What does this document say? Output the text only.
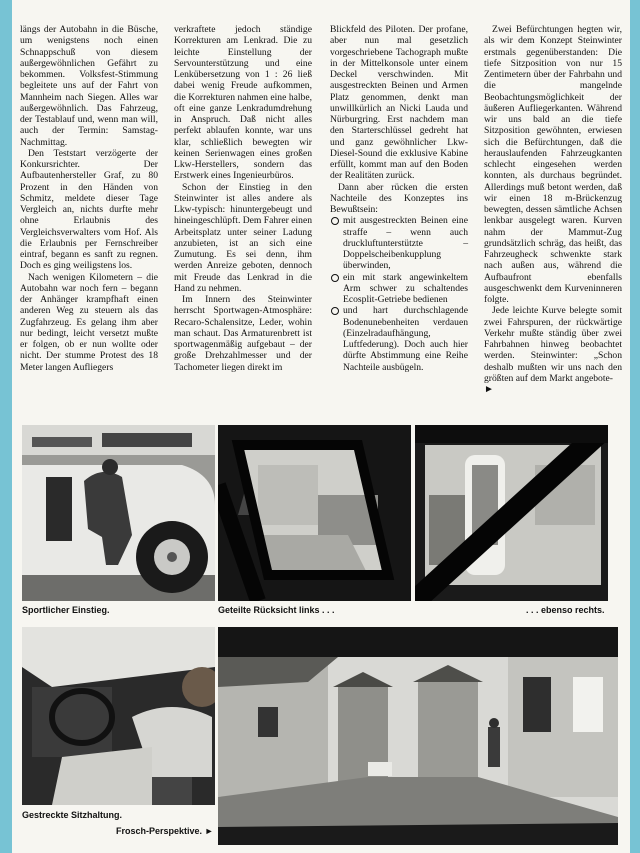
längs der Autobahn in die Büsche, um wenigstens noch einen Schnappschuß von diesem außergewöhnlichen Gefährt zu bekommen. Volksfest-Stimmung begleitete uns auf der Fahrt von Mannheim nach Siegen. Alles war außergewöhnlich. Das Fahrzeug, der Testablauf und, wenn man will, auch der Termin: Samstag-Nachmittag.

Den Teststart verzögerte der Konkursrichter. Der Aufbautenhersteller Graf, zu 80 Prozent in den Händen von Schmitz, meldete dieser Tage Vergleich an, nichts durfte mehr ohne Erlaubnis des Vergleichsverwalters vom Hof. Als die Erlaubnis per Fernschreiber eintraf, begann es sanft zu regnen. Doch es ging weiligstens los.

Nach wenigen Kilometern – die Autobahn war noch fern – begann der Anhänger krampfhaft einen anderen Weg zu steuern als das Zugfahrzeug. Es gelang ihm aber nur bedingt, leicht versetzt mußte er folgen, ob er nun wollte oder nicht. Der stumme Protest des 18 Meter langen Aufliegers

verkraftete jedoch ständige Korrekturen am Lenkrad. Die zu leichte Einstellung der Servounterstützung und eine Lenkübersetzung von 1 : 26 ließ dabei wenig Freude aufkommen, die Korrekturen nahmen eine halbe, oft eine ganze Lenkradumdrehung in Anspruch. Daß nicht alles perfekt ablaufen konnte, war uns klar, schließlich bewegten wir keinen Serienwagen eines großen Lkw-Herstellers, sondern das Erstwerk eines Ingenieurbüros.

Schon der Einstieg in den Steinwinter ist alles andere als Lkw-typisch: hinuntergebeugt und hineingeschlüpft. Dem Fahrer einen Arbeitsplatz unter seiner Ladung anzubieten, ist an sich eine Zumutung. Es sei denn, ihm werden Anreize geboten, dennoch mit Freude das Lenkrad in die Hand zu nehmen.

Im Innern des Steinwinter herrscht Sportwagen-Atmosphäre: Recaro-Schalensitze, Leder, wohin man schaut. Das Armaturenbrett ist sportwagenmäßig aufgebaut – der große Drehzahlmesser und der Tachometer liegen direkt im

Blickfeld des Piloten. Der profane, aber nun mal gesetzlich vorgeschriebene Tachograph mußte in der Mittelkonsole unter einem Deckel verschwinden. Mit ausgestreckten Beinen und Armen Platz genommen, denkt man unwillkürlich an Nicki Lauda und Nürburgring. Erst nachdem man den Starterschlüssel gedreht hat und ganz gewöhnlicher Lkw-Diesel-Sound die exklusive Kabine erfüllt, kommt man auf den Boden der Realitäten zurück.

Dann aber rücken die ersten Nachteile des Konzeptes ins Bewußtsein:

mit ausgestreckten Beinen eine straffe – wenn auch druckluftunterstützte – Doppelscheibenkupplung überwinden,
ein mit stark angewinkeltem Arm schwer zu schaltendes Ecosplit-Getriebe bedienen
und hart durchschlagende Bodenunebenheiten verdauen (Einzelradaufhängung, Luftfederung). Doch auch hier dürfte Abstimmung eine Reihe Nachteile ausbügeln.

Zwei Befürchtungen hegten wir, als wir dem Konzept Steinwinter erstmals gegenüberstanden: Die tiefe Sitzposition von nur 15 Zentimetern über der Fahrbahn und die mangelnde Beobachtungsmöglichkeit der äußeren Aufliegerkanten. Während wir uns bald an die tiefe Sitzposition gewöhnten, erwiesen sich die Befürchtungen, daß die herauslaufenden Fahrzeugkanten schlecht eingesehen werden konnten, als durchaus begründet. Allerdings muß betont werden, daß wir einen 18 m-Brückenzug bewegten, dessen sämtliche Achsen lenkbar ausgelegt waren. Kurven nahm der Mammut-Zug grundsätzlich schräg, das heißt, das Fahrzeugheck schwenkte stark nach außen aus, während die Aufbaufront ebenfalls ausgeschwenkt dem Kurveninneren folgte.

Jede leichte Kurve belegte somit zwei Fahrspuren, der rückwärtige Verkehr mußte ständig über zwei Fahrbahnen hinweg beobachtet werden. Steinwinter: „Schon deshalb mußten wir uns nach den größten auf dem Markt angebote-

►
Sportlicher Einstieg.	Geteilte Rücksicht links . . .	. . . ebenso rechts.
Gestreckte Sitzhaltung.
Frosch-Perspektive. ►
